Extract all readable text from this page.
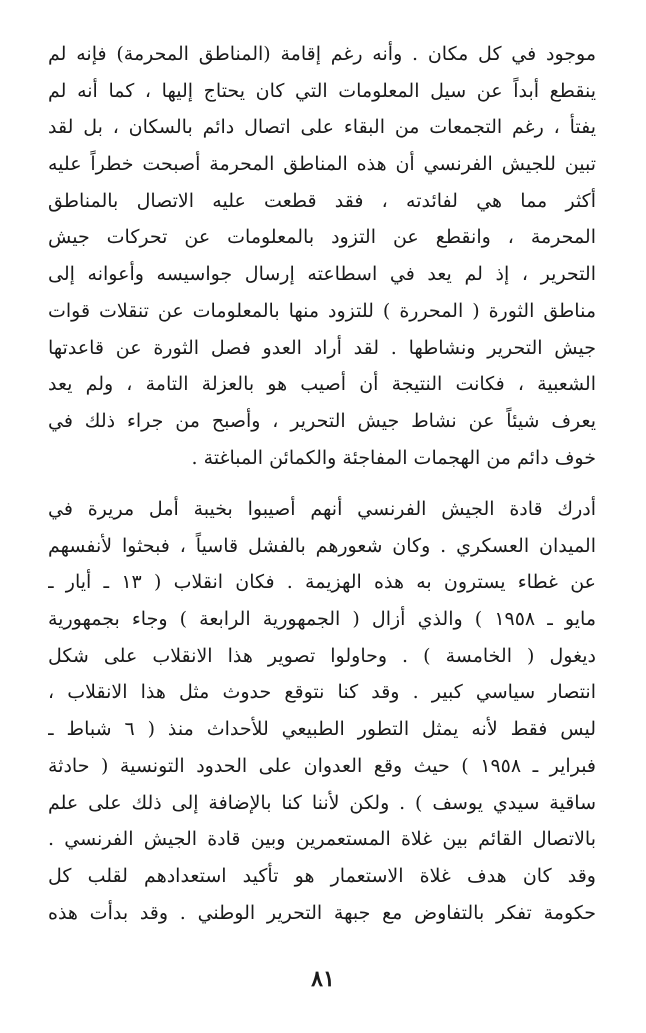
موجود في كل مكان . وأنه رغم إقامة (المناطق المحرمة) فإنه لم
ينقطع أبداً عن سيل المعلومات التي كان يحتاج إليها ، كما أنه لم
يفتأ ، رغم التجمعات من البقاء على اتصال دائم بالسكان ، بل لقد
تبين للجيش الفرنسي أن هذه المناطق المحرمة أصبحت خطراً عليه
أكثر مما هي لفائدته ، فقد قطعت عليه الاتصال بالمناطق
المحرمة ، وانقطع عن التزود بالمعلومات عن تحركات جيش
التحرير ، إذ لم يعد في اسطاعته إرسال جواسيسه وأعوانه إلى
مناطق الثورة ( المحررة ) للتزود منها بالمعلومات عن تنقلات قوات
جيش التحرير ونشاطها . لقد أراد العدو فصل الثورة عن قاعدتها
الشعبية ، فكانت النتيجة أن أصيب هو بالعزلة التامة ، ولم يعد
يعرف شيئاً عن نشاط جيش التحرير ، وأصبح من جراء ذلك في
خوف دائم من الهجمات المفاجئة والكمائن المباغتة .
أدرك قادة الجيش الفرنسي أنهم أصيبوا بخيبة أمل مريرة في
الميدان العسكري . وكان شعورهم بالفشل قاسياً ، فبحثوا لأنفسهم
عن غطاء يسترون به هذه الهزيمة . فكان انقلاب ( ١٣ ـ أيار ـ
مايو ـ ١٩٥٨ ) والذي أزال ( الجمهورية الرابعة ) وجاء بجمهورية
ديغول ( الخامسة ) . وحاولوا تصوير هذا الانقلاب على شكل
انتصار سياسي كبير . وقد كنا نتوقع حدوث مثل هذا الانقلاب ،
ليس فقط لأنه يمثل التطور الطبيعي للأحداث منذ ( ٦ شباط ـ
فبراير ـ ١٩٥٨ ) حيث وقع العدوان على الحدود التونسية ( حادثة
ساقية سيدي يوسف ) . ولكن لأننا كنا بالإضافة إلى ذلك على علم
بالاتصال القائم بين غلاة المستعمرين وبين قادة الجيش الفرنسي .
وقد كان هدف غلاة الاستعمار هو تأكيد استعدادهم لقلب كل
حكومة تفكر بالتفاوض مع جبهة التحرير الوطني . وقد بدأت هذه
٨١
